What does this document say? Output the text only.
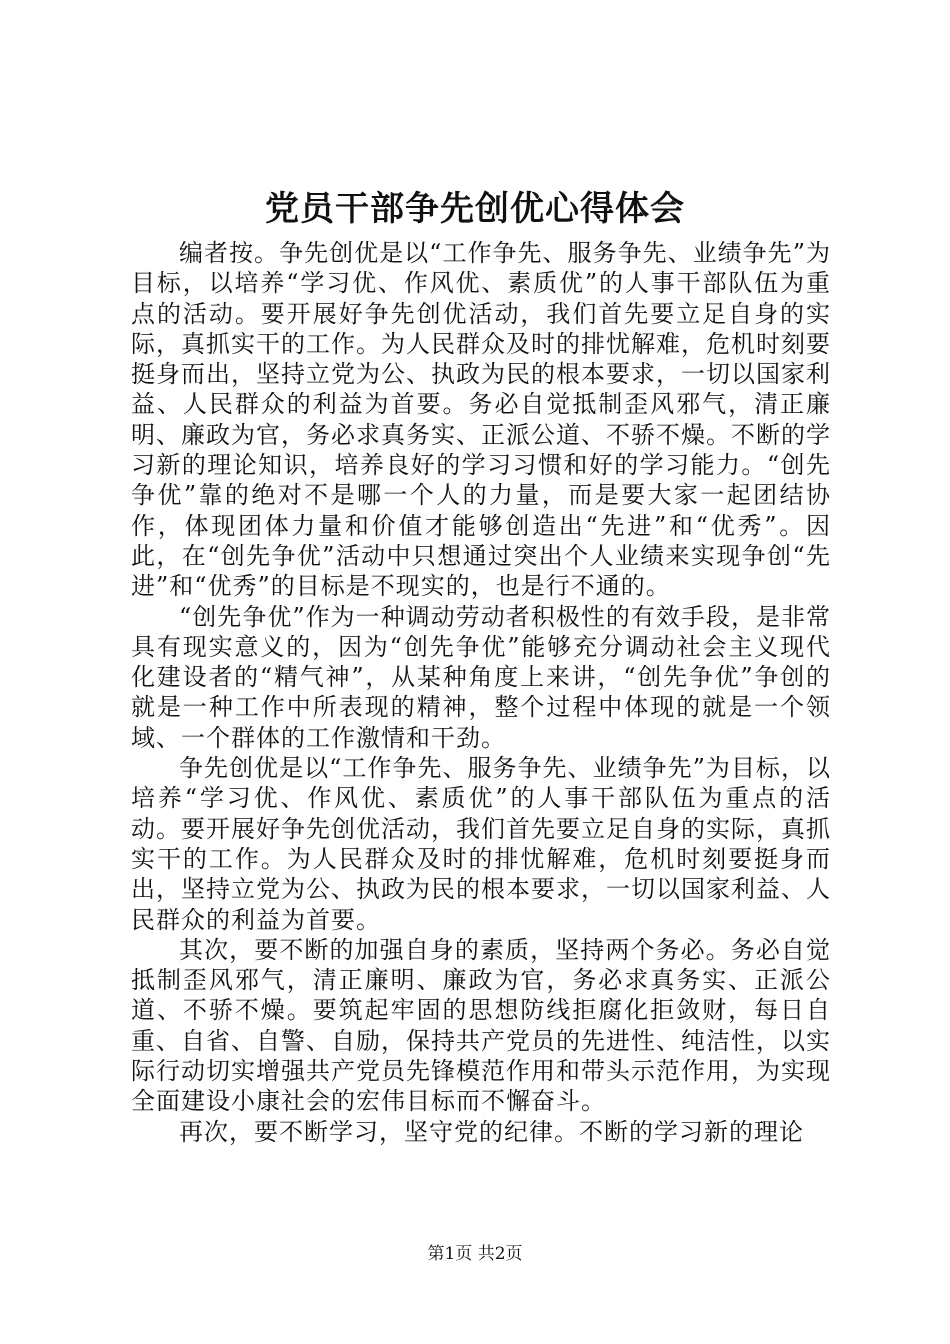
党员干部争先创优心得体会

编者按。争先创优是以“工作争先、服务争先、业绩争先”为目标，以培养“学习优、作风优、素质优”的人事干部队伍为重点的活动。要开展好争先创优活动，我们首先要立足自身的实际，真抓实干的工作。为人民群众及时的排忧解难，危机时刻要挺身而出，坚持立党为公、执政为民的根本要求，一切以国家利益、人民群众的利益为首要。务必自觉抵制歪风邪气，清正廉明、廉政为官，务必求真务实、正派公道、不骄不燥。不断的学习新的理论知识，培养良好的学习习惯和好的学习能力。“创先争优”靠的绝对不是哪一个人的力量，而是要大家一起团结协作，体现团体力量和价值才能够创造出“先进”和“优秀”。因此，在“创先争优”活动中只想通过突出个人业绩来实现争创“先进”和“优秀”的目标是不现实的，也是行不通的。

“创先争优”作为一种调动劳动者积极性的有效手段，是非常具有现实意义的，因为“创先争优”能够充分调动社会主义现代化建设者的“精气神”，从某种角度上来讲，“创先争优”争创的就是一种工作中所表现的精神，整个过程中体现的就是一个领域、一个群体的工作激情和干劲。

争先创优是以“工作争先、服务争先、业绩争先”为目标，以培养“学习优、作风优、素质优”的人事干部队伍为重点的活动。要开展好争先创优活动，我们首先要立足自身的实际，真抓实干的工作。为人民群众及时的排忧解难，危机时刻要挺身而出，坚持立党为公、执政为民的根本要求，一切以国家利益、人民群众的利益为首要。

其次，要不断的加强自身的素质，坚持两个务必。务必自觉抵制歪风邪气，清正廉明、廉政为官，务必求真务实、正派公道、不骄不燥。要筑起牢固的思想防线拒腐化拒敛财，每日自重、自省、自警、自励，保持共产党员的先进性、纯洁性，以实际行动切实增强共产党员先锋模范作用和带头示范作用，为实现全面建设小康社会的宏伟目标而不懈奋斗。

再次，要不断学习，坚守党的纪律。不断的学习新的理论

第1页 共2页
